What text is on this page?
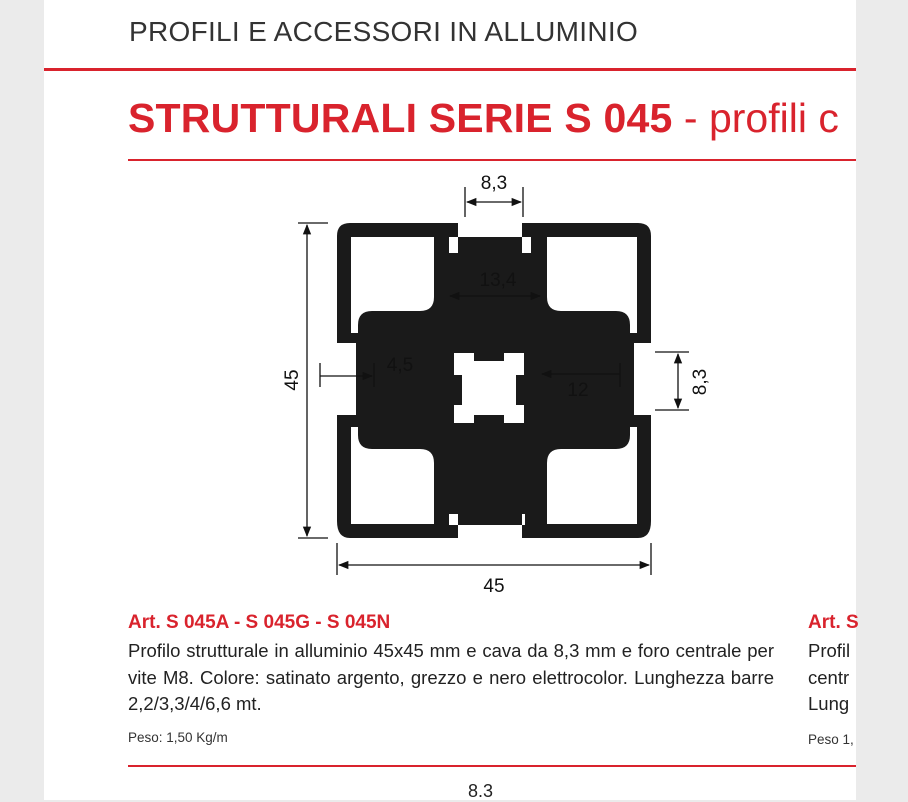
PROFILI E ACCESSORI IN ALLUMINIO
STRUTTURALI SERIE S 045 - profili c
8,3
13,4
4,5
12	8,3
45
45
Art. S 045A - S 045G - S 045N
Profilo strutturale in alluminio 45x45 mm e cava da 8,3 mm e foro centrale per vite M8. Colore: satinato argento, grezzo e nero elettrocolor. Lunghezza barre 2,2/3,3/4/6,6 mt.
Peso: 1,50 Kg/m
Art. S
Profil
centr
Lung
Peso 1,
8.3
